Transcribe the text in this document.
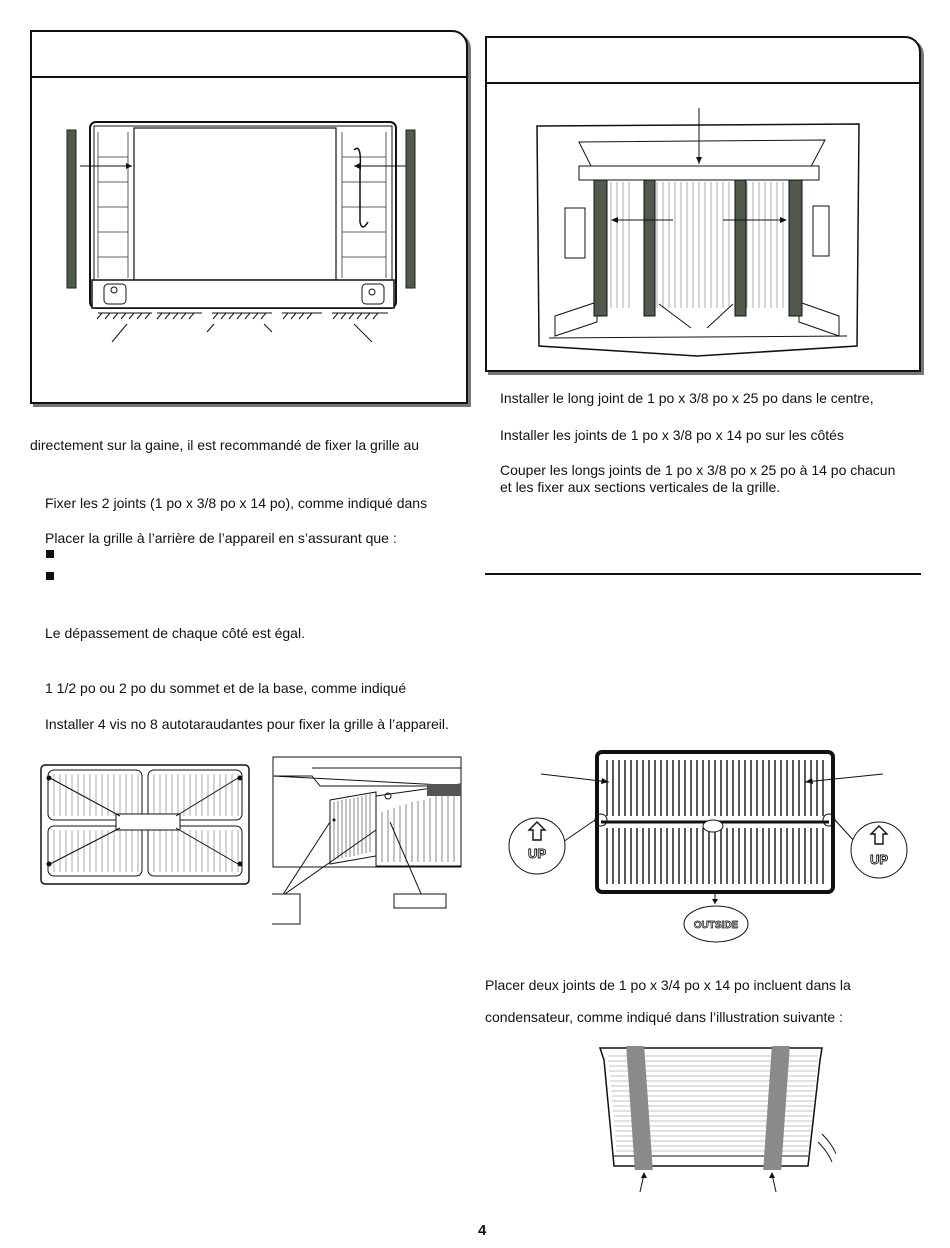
Installer le long joint de 1 po x 3/8 po x 25 po dans le centre,
Installer les joints de 1 po x 3/8 po x 14 po sur les côtés
Couper les longs joints de 1 po x 3/8 po x 25 po à 14 po chacun et les fixer aux sections verticales de la grille.
directement sur la gaine, il est recommandé de fixer la grille au
Fixer les 2 joints (1 po x 3/8 po x 14 po), comme indiqué dans
Placer la grille à l’arrière de l’appareil en s’assurant que :
Le dépassement de chaque côté est égal.
1 1/2 po ou 2 po du sommet et de la base, comme indiqué
Installer 4 vis no 8 autotaraudantes pour fixer la grille à l’appareil.
UP	UP
OUTSIDE
Placer deux joints de 1 po x 3/4 po x 14 po incluent dans la
condensateur, comme indiqué dans l’illustration suivante :
4
